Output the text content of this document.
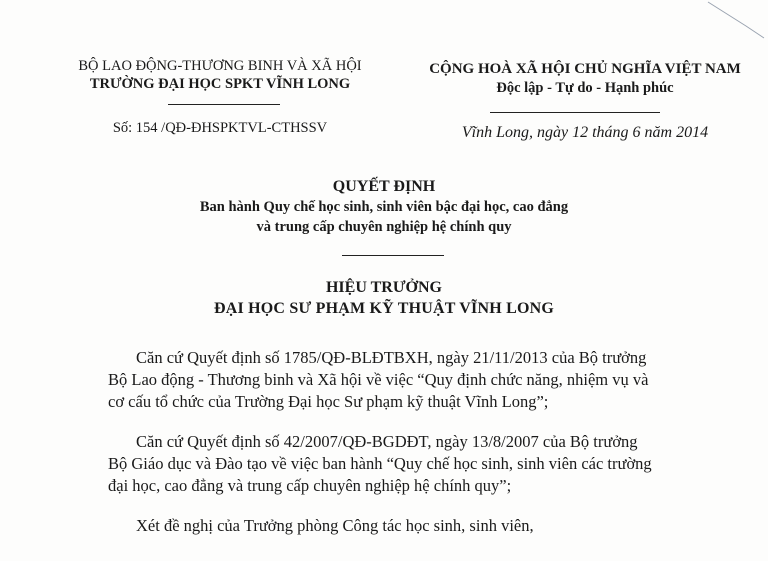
BỘ LAO ĐỘNG-THƯƠNG BINH VÀ XÃ HỘI
TRƯỜNG ĐẠI HỌC SPKT VĨNH LONG
Số: 154 /QĐ-ĐHSPKTVL-CTHSSV
CỘNG HOÀ XÃ HỘI CHỦ NGHĨA VIỆT NAM
Độc lập - Tự do - Hạnh phúc
Vĩnh Long, ngày 12 tháng 6 năm 2014
QUYẾT ĐỊNH
Ban hành Quy chế học sinh, sinh viên bậc đại học, cao đẳng
và trung cấp chuyên nghiệp hệ chính quy
HIỆU TRƯỞNG
ĐẠI HỌC SƯ PHẠM KỸ THUẬT VĨNH LONG
Căn cứ Quyết định số 1785/QĐ-BLĐTBXH, ngày 21/11/2013 của Bộ trưởng
Bộ Lao động - Thương binh và Xã hội về việc “Quy định chức năng, nhiệm vụ và
cơ cấu tổ chức của Trường Đại học Sư phạm kỹ thuật Vĩnh Long”;
Căn cứ Quyết định số 42/2007/QĐ-BGDĐT, ngày 13/8/2007 của Bộ trưởng
Bộ Giáo dục và Đào tạo về việc ban hành “Quy chế học sinh, sinh viên các trường
đại học, cao đẳng và trung cấp chuyên nghiệp hệ chính quy”;
Xét đề nghị của Trưởng phòng Công tác học sinh, sinh viên,
